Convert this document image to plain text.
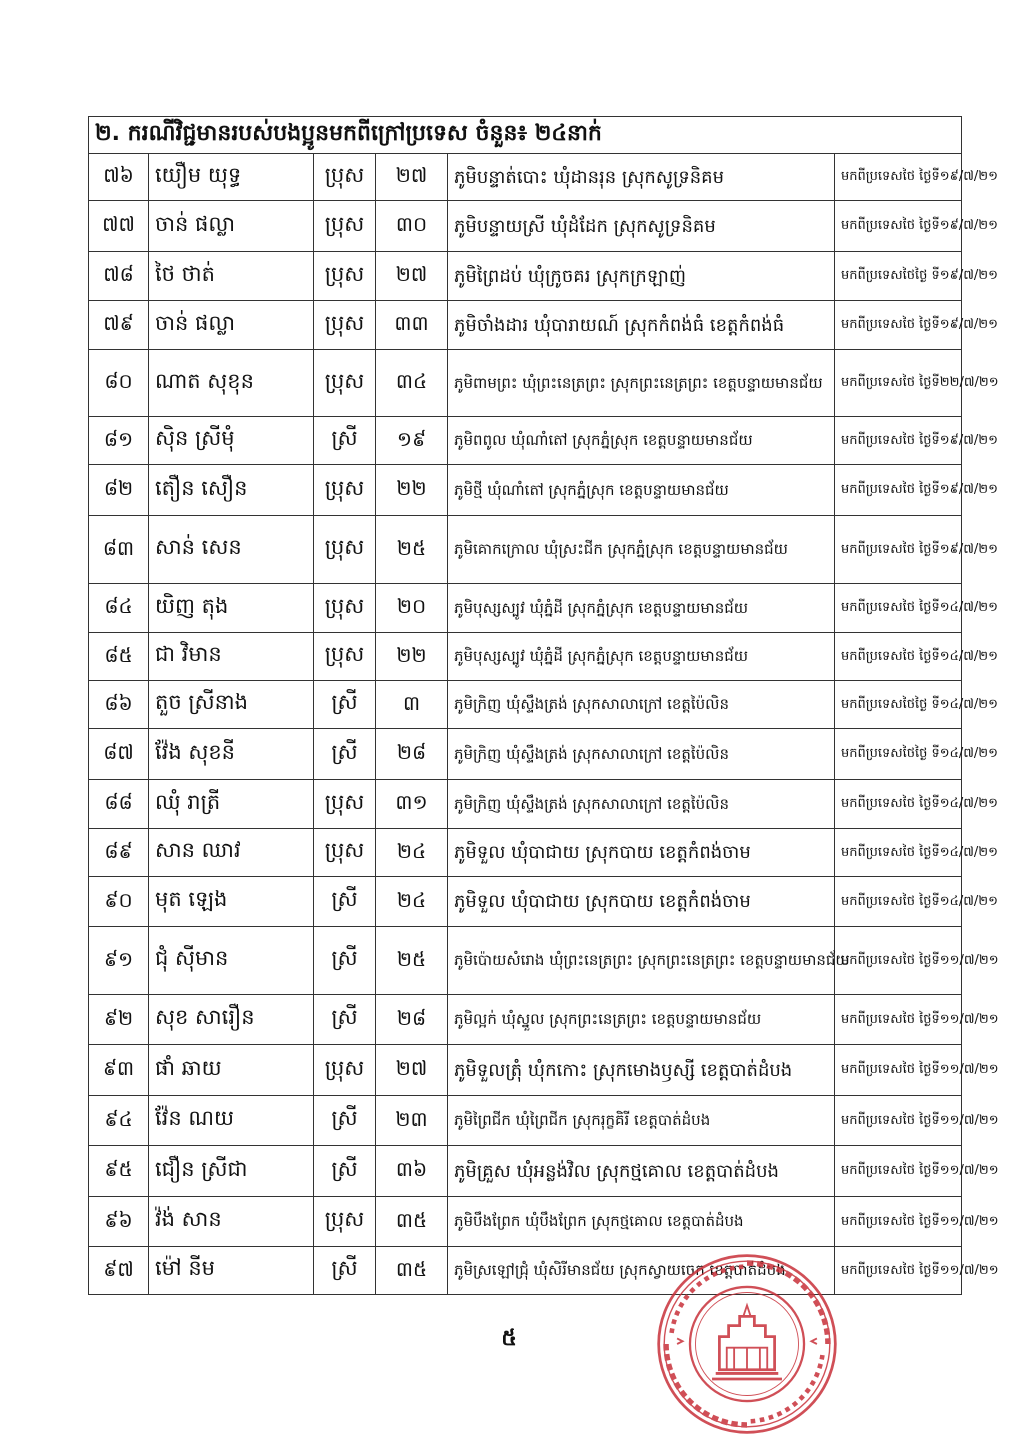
២. ករណីវិជ្ជមានរបស់បងប្អូនមកពីក្រៅប្រទេស ចំនួន៖ ២៤នាក់					
៧៦	យឿម យុទ្ធ	ប្រុស	២៧	ភូមិបន្ទាត់បោះ ឃុំដានរុន ស្រុកសូទ្រនិគម	មកពីប្រទេសថៃ ថ្ងៃទី១៩/៧/២១
៧៧	ចាន់ ផល្លា	ប្រុស	៣០	ភូមិបន្ទាយស្រី ឃុំដំដែក ស្រុកសូទ្រនិគម	មកពីប្រទេសថៃ ថ្ងៃទី១៩/៧/២១
៧៨	ថៃ ថាត់	ប្រុស	២៧	ភូមិព្រៃដប់ ឃុំក្រូចគរ ស្រុកក្រឡាញ់	មកពីប្រទេសថៃថ្ងៃ ទី១៩/៧/២១
៧៩	ចាន់ ផល្លា	ប្រុស	៣៣	ភូមិចាំងដារ ឃុំបារាយណ៍ ស្រុកកំពង់ធំ ខេត្តកំពង់ធំ	មកពីប្រទេសថៃ ថ្ងៃទី១៩/៧/២១
៨០	ណាត សុខុន	ប្រុស	៣៤	ភូមិពាមព្រះ ឃុំព្រះនេត្រព្រះ ស្រុកព្រះនេត្រព្រះ ខេត្តបន្ទាយមានជ័យ	មកពីប្រទេសថៃ ថ្ងៃទី២២/៧/២១
៨១	ស៊ិន ស្រីមុំ	ស្រី	១៩	ភូមិពពូល ឃុំណាំតៅ ស្រុកភ្នំស្រុក ខេត្តបន្ទាយមានជ័យ	មកពីប្រទេសថៃ ថ្ងៃទី១៩/៧/២១
៨២	តឿន សឿន	ប្រុស	២២	ភូមិថ្មី ឃុំណាំតៅ ស្រុកភ្នំស្រុក ខេត្តបន្ទាយមានជ័យ	មកពីប្រទេសថៃ ថ្ងៃទី១៩/៧/២១
៨៣	សាន់ សេន	ប្រុស	២៥	ភូមិគោកក្រោល ឃុំស្រះជីក ស្រុកភ្នំស្រុក ខេត្តបន្ទាយមានជ័យ	មកពីប្រទេសថៃ ថ្ងៃទី១៩/៧/២១
៨៤	យិញ តុង	ប្រុស	២០	ភូមិបុស្សស្បូវ ឃុំភ្នំដី ស្រុកភ្នំស្រុក ខេត្តបន្ទាយមានជ័យ	មកពីប្រទេសថៃ ថ្ងៃទី១៤/៧/២១
៨៥	ជា វិមាន	ប្រុស	២២	ភូមិបុស្សស្បូវ ឃុំភ្នំដី ស្រុកភ្នំស្រុក ខេត្តបន្ទាយមានជ័យ	មកពីប្រទេសថៃ ថ្ងៃទី១៤/៧/២១
៨៦	តួច ស្រីនាង	ស្រី	៣	ភូមិក្រិញ ឃុំស្ទឹងត្រង់ ស្រុកសាលាក្រៅ ខេត្តប៉ៃលិន	មកពីប្រទេសថៃថ្ងៃ ទី១៤/៧/២១
៨៧	វ៉ែង សុខនី	ស្រី	២៨	ភូមិក្រិញ ឃុំស្ទឹងត្រង់ ស្រុកសាលាក្រៅ ខេត្តប៉ៃលិន	មកពីប្រទេសថៃថ្ងៃ ទី១៤/៧/២១
៨៨	ឈុំ រាត្រី	ប្រុស	៣១	ភូមិក្រិញ ឃុំស្ទឹងត្រង់ ស្រុកសាលាក្រៅ ខេត្តប៉ៃលិន	មកពីប្រទេសថៃ ថ្ងៃទី១៤/៧/២១
៨៩	សាន ឈាវ	ប្រុស	២៤	ភូមិទួល ឃុំបាជាយ ស្រុកបាយ ខេត្តកំពង់ចាម	មកពីប្រទេសថៃ ថ្ងៃទី១៤/៧/២១
៩០	មុត ឡេង	ស្រី	២៤	ភូមិទួល ឃុំបាជាយ ស្រុកបាយ ខេត្តកំពង់ចាម	មកពីប្រទេសថៃ ថ្ងៃទី១៤/៧/២១
៩១	ជុំ ស៊ីមាន	ស្រី	២៥	ភូមិប៉ោយសំរោង ឃុំព្រះនេត្រព្រះ ស្រុកព្រះនេត្រព្រះ ខេត្តបន្ទាយមានជ័យ	មកពីប្រទេសថៃ ថ្ងៃទី១១/៧/២១
៩២	សុខ សារឿន	ស្រី	២៨	ភូមិល្អក់ ឃុំស្នួល ស្រុកព្រះនេត្រព្រះ ខេត្តបន្ទាយមានជ័យ	មកពីប្រទេសថៃ ថ្ងៃទី១១/៧/២១
៩៣	ផាំ ឆាយ	ប្រុស	២៧	ភូមិទួលត្រុំ ឃុំកកោះ ស្រុកមោងឫស្សី ខេត្តបាត់ដំបង	មកពីប្រទេសថៃ ថ្ងៃទី១១/៧/២១
៩៤	វ៉ែន ណយ	ស្រី	២៣	ភូមិព្រៃជីក ឃុំព្រៃជីក ស្រុករុក្ខគិរី ខេត្តបាត់ដំបង	មកពីប្រទេសថៃ ថ្ងៃទី១១/៧/២១
៩៥	ជឿន ស្រីជា	ស្រី	៣៦	ភូមិគ្រួស ឃុំអន្លង់វិល ស្រុកថ្មគោល ខេត្តបាត់ដំបង	មកពីប្រទេសថៃ ថ្ងៃទី១១/៧/២១
៩៦	វ៉ង់ សាន	ប្រុស	៣៥	ភូមិបឹងព្រែក ឃុំបឹងព្រែក ស្រុកថ្មគោល ខេត្តបាត់ដំបង	មកពីប្រទេសថៃ ថ្ងៃទី១១/៧/២១
៩៧	ម៉ៅ នីម	ស្រី	៣៥	ភូមិស្រឡៅជ្រុំ ឃុំសិរីមានជ័យ ស្រុកស្វាយចេក ខេត្តបាត់ដំបង	មកពីប្រទេសថៃ ថ្ងៃទី១១/៧/២១
៥
